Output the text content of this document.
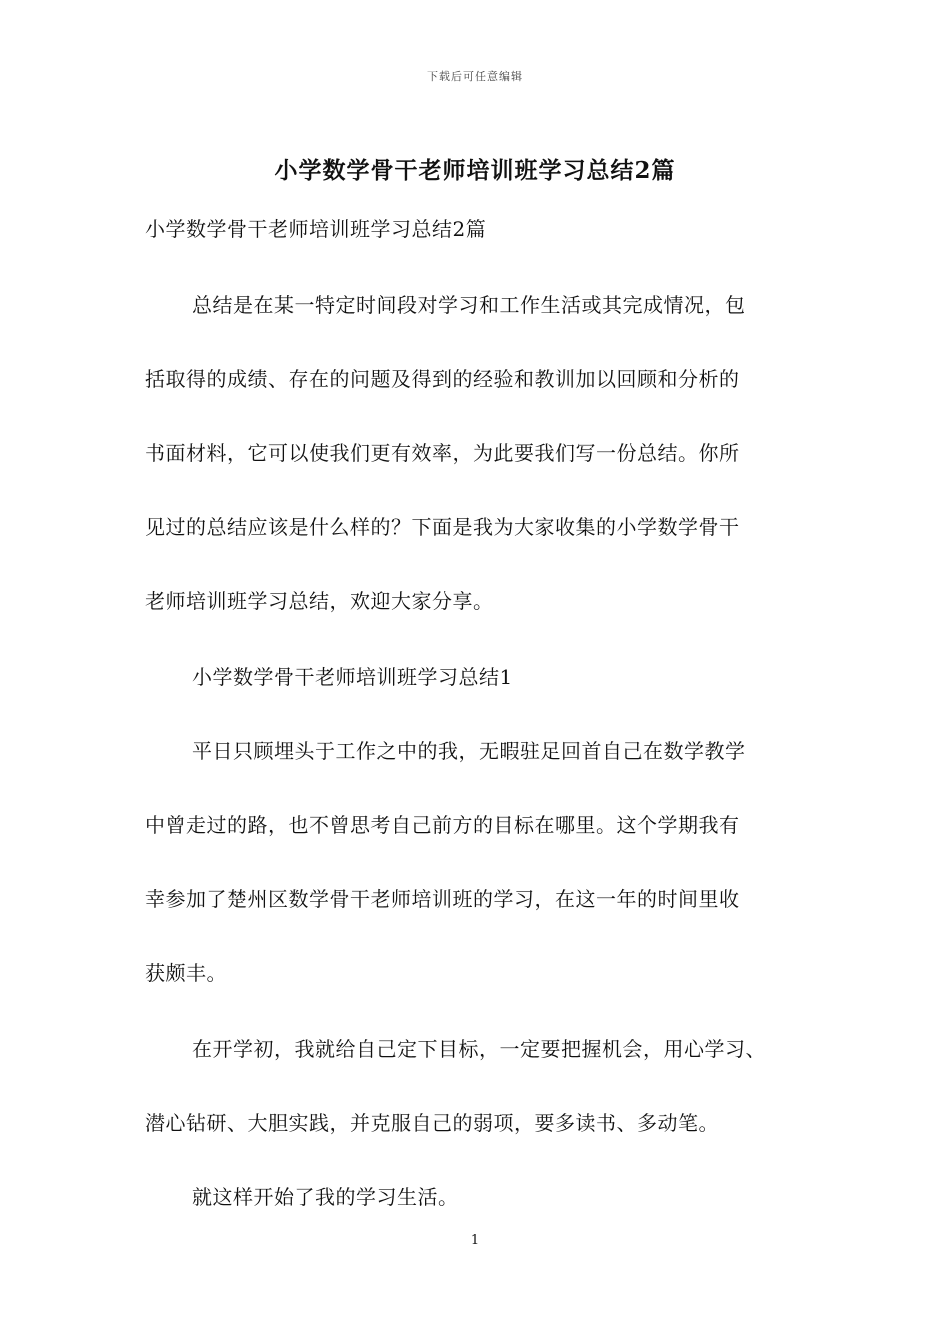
下载后可任意编辑
小学数学骨干老师培训班学习总结2篇
小学数学骨干老师培训班学习总结2篇
总结是在某一特定时间段对学习和工作生活或其完成情况，包
括取得的成绩、存在的问题及得到的经验和教训加以回顾和分析的
书面材料，它可以使我们更有效率，为此要我们写一份总结。你所
见过的总结应该是什么样的？下面是我为大家收集的小学数学骨干
老师培训班学习总结，欢迎大家分享。
小学数学骨干老师培训班学习总结1
平日只顾埋头于工作之中的我，无暇驻足回首自己在数学教学
中曾走过的路，也不曾思考自己前方的目标在哪里。这个学期我有
幸参加了楚州区数学骨干老师培训班的学习，在这一年的时间里收
获颇丰。
在开学初，我就给自己定下目标，一定要把握机会，用心学习、
潜心钻研、大胆实践，并克服自己的弱项，要多读书、多动笔。
就这样开始了我的学习生活。
1
